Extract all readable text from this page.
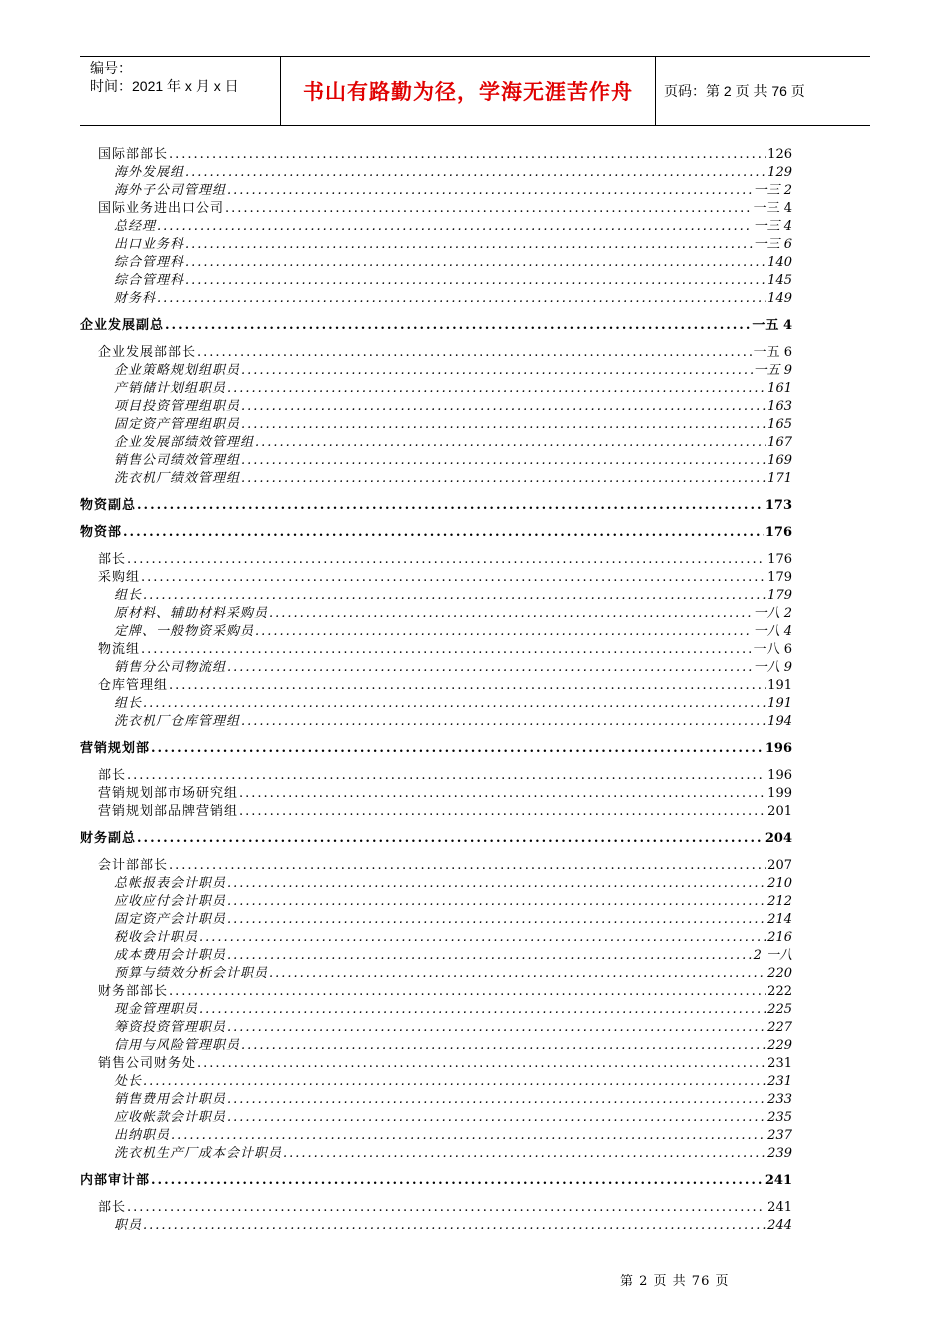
编号：
时间：2021 年 x 月 x 日	书山有路勤为径，学海无涯苦作舟	页码：第 2 页 共 76 页
国际部部长 .....	126
海外发展组 .....	129
海外子公司管理组 .....	一三 2
国际业务进出口公司 .....	一三 4
总经理 .....	一三 4
出口业务科 .....	一三 6
综合管理科 .....	140
综合管理科 .....	145
财务科 .....	149
企业发展副总 .....	一五 4
企业发展部部长 .....	一五 6
企业策略规划组职员 .....	一五 9
产销储计划组职员 .....	161
项目投资管理组职员 .....	163
固定资产管理组职员 .....	165
企业发展部绩效管理组 .....	167
销售公司绩效管理组 .....	169
洗衣机厂绩效管理组 .....	171
物资副总 .....	173
物资部 .....	176
部长 .....	176
采购组 .....	179
组长 .....	179
原材料、辅助材料采购员 .....	一八 2
定牌、一般物资采购员 .....	一八 4
物流组 .....	一八 6
销售分公司物流组 .....	一八 9
仓库管理组 .....	191
组长 .....	191
洗衣机厂仓库管理组 .....	194
营销规划部 .....	196
部长 .....	196
营销规划部市场研究组 .....	199
营销规划部品牌营销组 .....	201
财务副总 .....	204
会计部部长 .....	207
总帐报表会计职员 .....	210
应收应付会计职员 .....	212
固定资产会计职员 .....	214
税收会计职员 .....	216
成本费用会计职员 .....	2 一八
预算与绩效分析会计职员 .....	220
财务部部长 .....	222
现金管理职员 .....	225
筹资投资管理职员 .....	227
信用与风险管理职员 .....	229
销售公司财务处 .....	231
处长 .....	231
销售费用会计职员 .....	233
应收帐款会计职员 .....	235
出纳职员 .....	237
洗衣机生产厂成本会计职员 .....	239
内部审计部 .....	241
部长 .....	241
职员 .....	244
第 2 页 共 76 页
